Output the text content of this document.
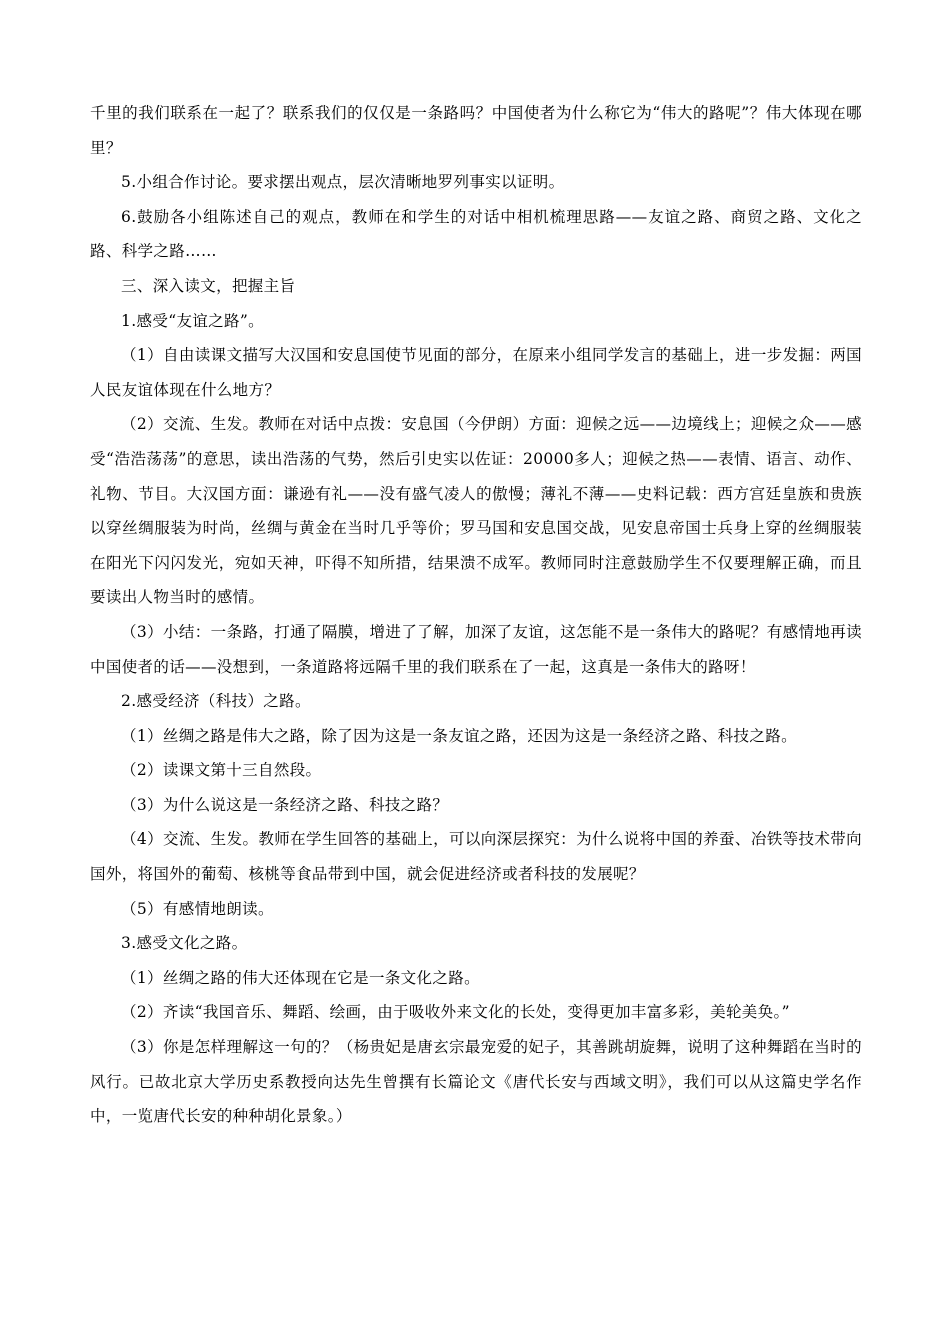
千里的我们联系在一起了？联系我们的仅仅是一条路吗？中国使者为什么称它为“伟大的路呢”？伟大体现在哪里？

5.小组合作讨论。要求摆出观点，层次清晰地罗列事实以证明。

6.鼓励各小组陈述自己的观点，教师在和学生的对话中相机梳理思路——友谊之路、商贸之路、文化之路、科学之路……

三、深入读文，把握主旨

1.感受“友谊之路”。

（1）自由读课文描写大汉国和安息国使节见面的部分，在原来小组同学发言的基础上，进一步发掘：两国人民友谊体现在什么地方？

（2）交流、生发。教师在对话中点拨：安息国（今伊朗）方面：迎候之远——边境线上；迎候之众——感受“浩浩荡荡”的意思，读出浩荡的气势，然后引史实以佐证：20000多人；迎候之热——表情、语言、动作、礼物、节目。大汉国方面：谦逊有礼——没有盛气凌人的傲慢；薄礼不薄——史料记载：西方宫廷皇族和贵族以穿丝绸服装为时尚，丝绸与黄金在当时几乎等价；罗马国和安息国交战，见安息帝国士兵身上穿的丝绸服装在阳光下闪闪发光，宛如天神，吓得不知所措，结果溃不成军。教师同时注意鼓励学生不仅要理解正确，而且要读出人物当时的感情。

（3）小结：一条路，打通了隔膜，增进了了解，加深了友谊，这怎能不是一条伟大的路呢？有感情地再读中国使者的话——没想到，一条道路将远隔千里的我们联系在了一起，这真是一条伟大的路呀！

2.感受经济（科技）之路。

（1）丝绸之路是伟大之路，除了因为这是一条友谊之路，还因为这是一条经济之路、科技之路。

（2）读课文第十三自然段。

（3）为什么说这是一条经济之路、科技之路？

（4）交流、生发。教师在学生回答的基础上，可以向深层探究：为什么说将中国的养蚕、冶铁等技术带向国外，将国外的葡萄、核桃等食品带到中国，就会促进经济或者科技的发展呢？

（5）有感情地朗读。

3.感受文化之路。

（1）丝绸之路的伟大还体现在它是一条文化之路。

（2）齐读“我国音乐、舞蹈、绘画，由于吸收外来文化的长处，变得更加丰富多彩，美轮美奂。”

（3）你是怎样理解这一句的？（杨贵妃是唐玄宗最宠爱的妃子，其善跳胡旋舞，说明了这种舞蹈在当时的风行。已故北京大学历史系教授向达先生曾撰有长篇论文《唐代长安与西域文明》，我们可以从这篇史学名作中，一览唐代长安的种种胡化景象。）
